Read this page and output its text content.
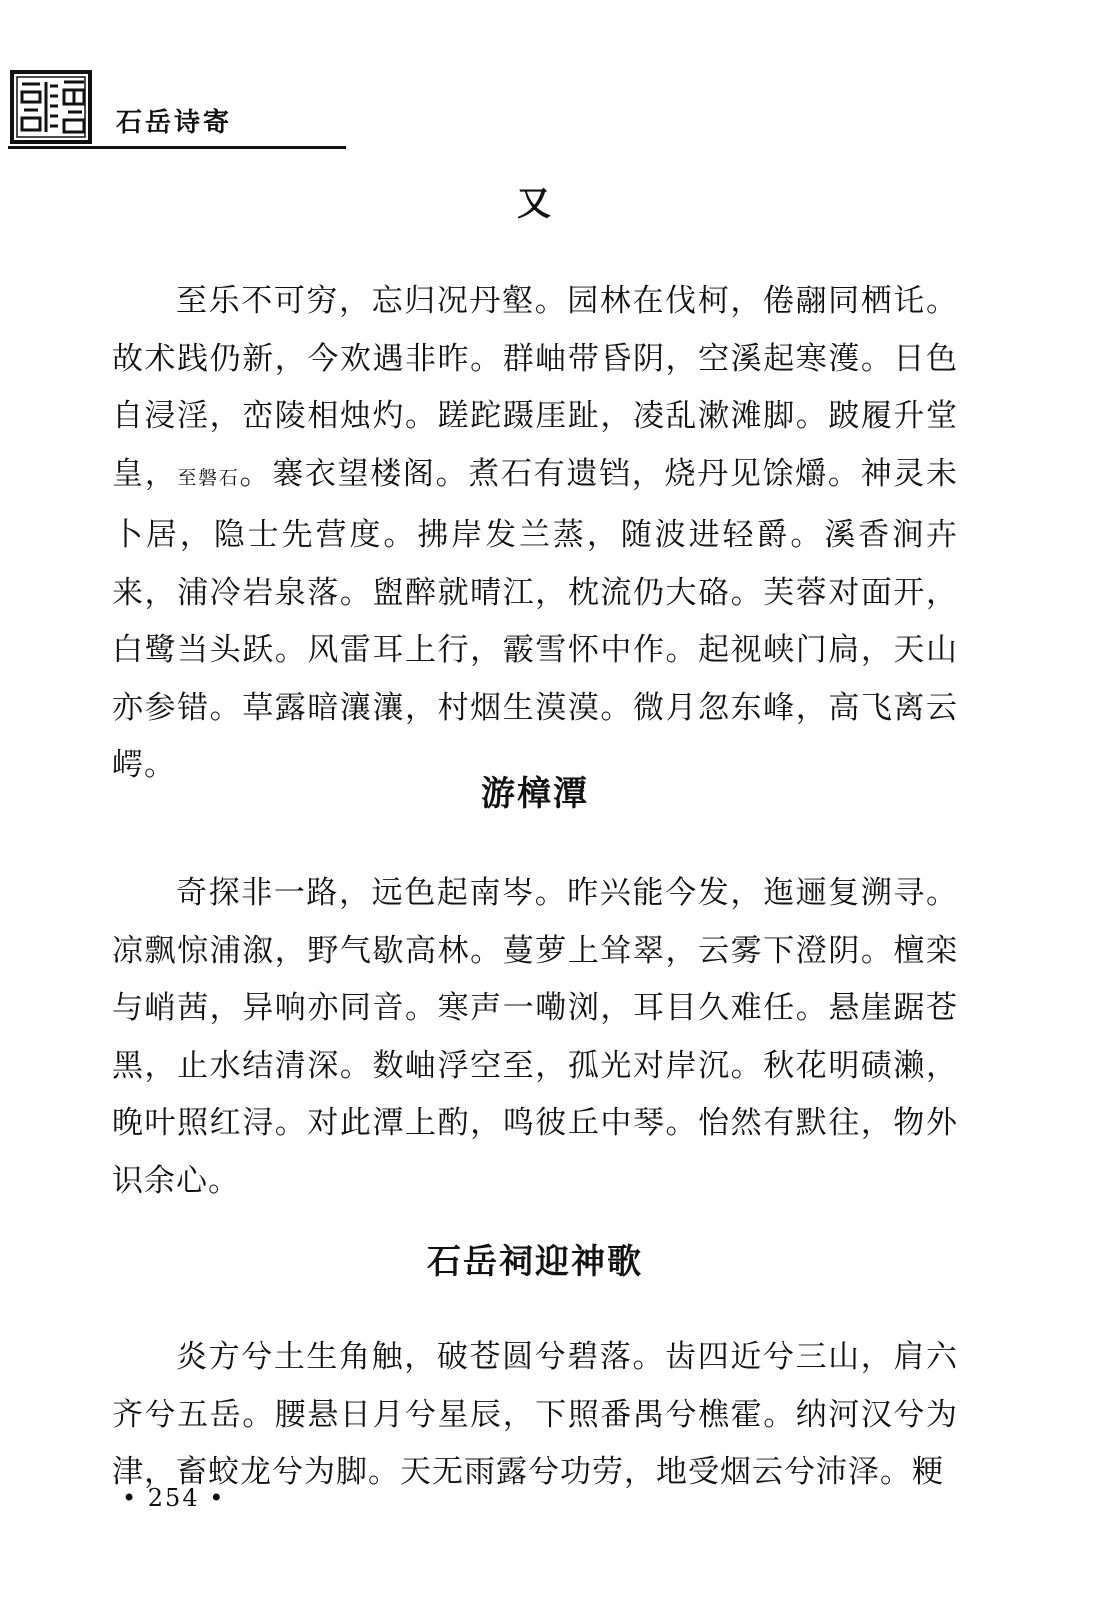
石岳诗寄
又

至乐不可穷，忘归况丹壑。园林在伐柯，倦翮同栖讬。故术践仍新，今欢遇非昨。群岫带昏阴，空溪起寒濩。日色自浸淫，峦陵相烛灼。蹉跎蹑厓趾，凌乱漱滩脚。跛履升堂皇，至磐石。褰衣望楼阁。煮石有遗铛，烧丹见馀爝。神灵未卜居，隐士先营度。拂岸发兰蒸，随波进轻爵。溪香涧卉来，浦冷岩泉落。盥醉就晴江，枕流仍大硌。芙蓉对面开，白鹭当头跃。风雷耳上行，霰雪怀中作。起视峡门扃，天山亦参错。草露暗瀼瀼，村烟生漠漠。微月忽东峰，高飞离云崿。

游樟潭

奇探非一路，远色起南岑。昨兴能今发，迤逦复溯寻。凉飘惊浦溆，野气歇高林。蔓萝上耸翠，云雾下澄阴。檀栾与峭茜，异响亦同音。寒声一嘞浏，耳目久难任。悬崖踞苍黑，止水结清深。数岫浮空至，孤光对岸沉。秋花明碛濑，晚叶照红浔。对此潭上酌，鸣彼丘中琴。怡然有默往，物外识余心。

石岳祠迎神歌

炎方兮土生角触，破苍圆兮碧落。齿四近兮三山，肩六齐兮五岳。腰悬日月兮星辰，下照番禺兮樵霍。纳河汉兮为津，畜蛟龙兮为脚。天无雨露兮功劳，地受烟云兮沛泽。粳

• 254 •
